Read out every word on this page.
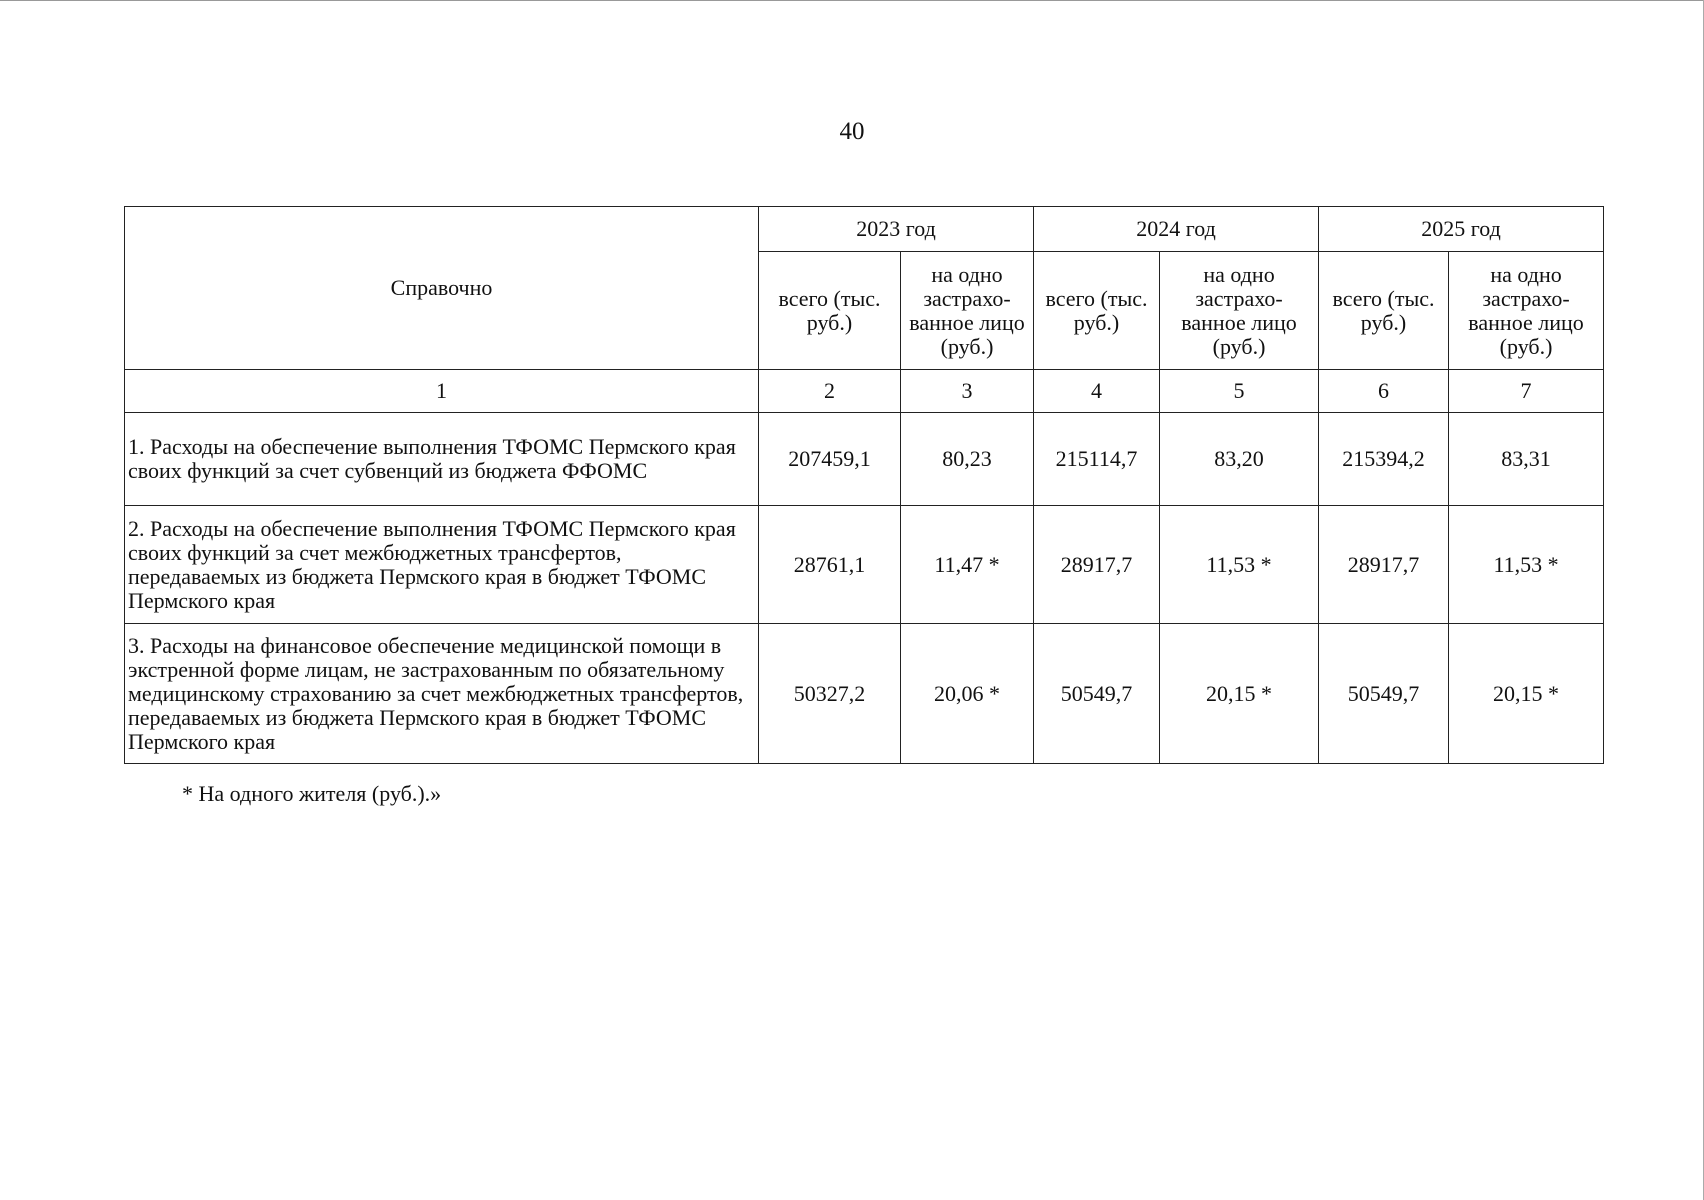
40
Справочно	2023 год		2024 год		2025 год	
	всего (тыс. руб.)	на одно застрахо-ванное лицо (руб.)	всего (тыс. руб.)	на одно застрахо-ванное лицо (руб.)	всего (тыс. руб.)	на одно застрахо-ванное лицо (руб.)
1	2	3	4	5	6	7
1. Расходы на обеспечение выполнения ТФОМС Пермского края своих функций за счет субвенций из бюджета ФФОМС	207459,1	80,23	215114,7	83,20	215394,2	83,31
2. Расходы на обеспечение выполнения ТФОМС Пермского края своих функций за счет межбюджетных трансфертов, передаваемых из бюджета Пермского края в бюджет ТФОМС Пермского края	28761,1	11,47 *	28917,7	11,53 *	28917,7	11,53 *
3. Расходы на финансовое обеспечение медицинской помощи в экстренной форме лицам, не застрахованным по обязательному медицинскому страхованию за счет межбюджетных трансфертов, передаваемых из бюджета Пермского края в бюджет ТФОМС Пермского края	50327,2	20,06 *	50549,7	20,15 *	50549,7	20,15 *
* На одного жителя (руб.).»
